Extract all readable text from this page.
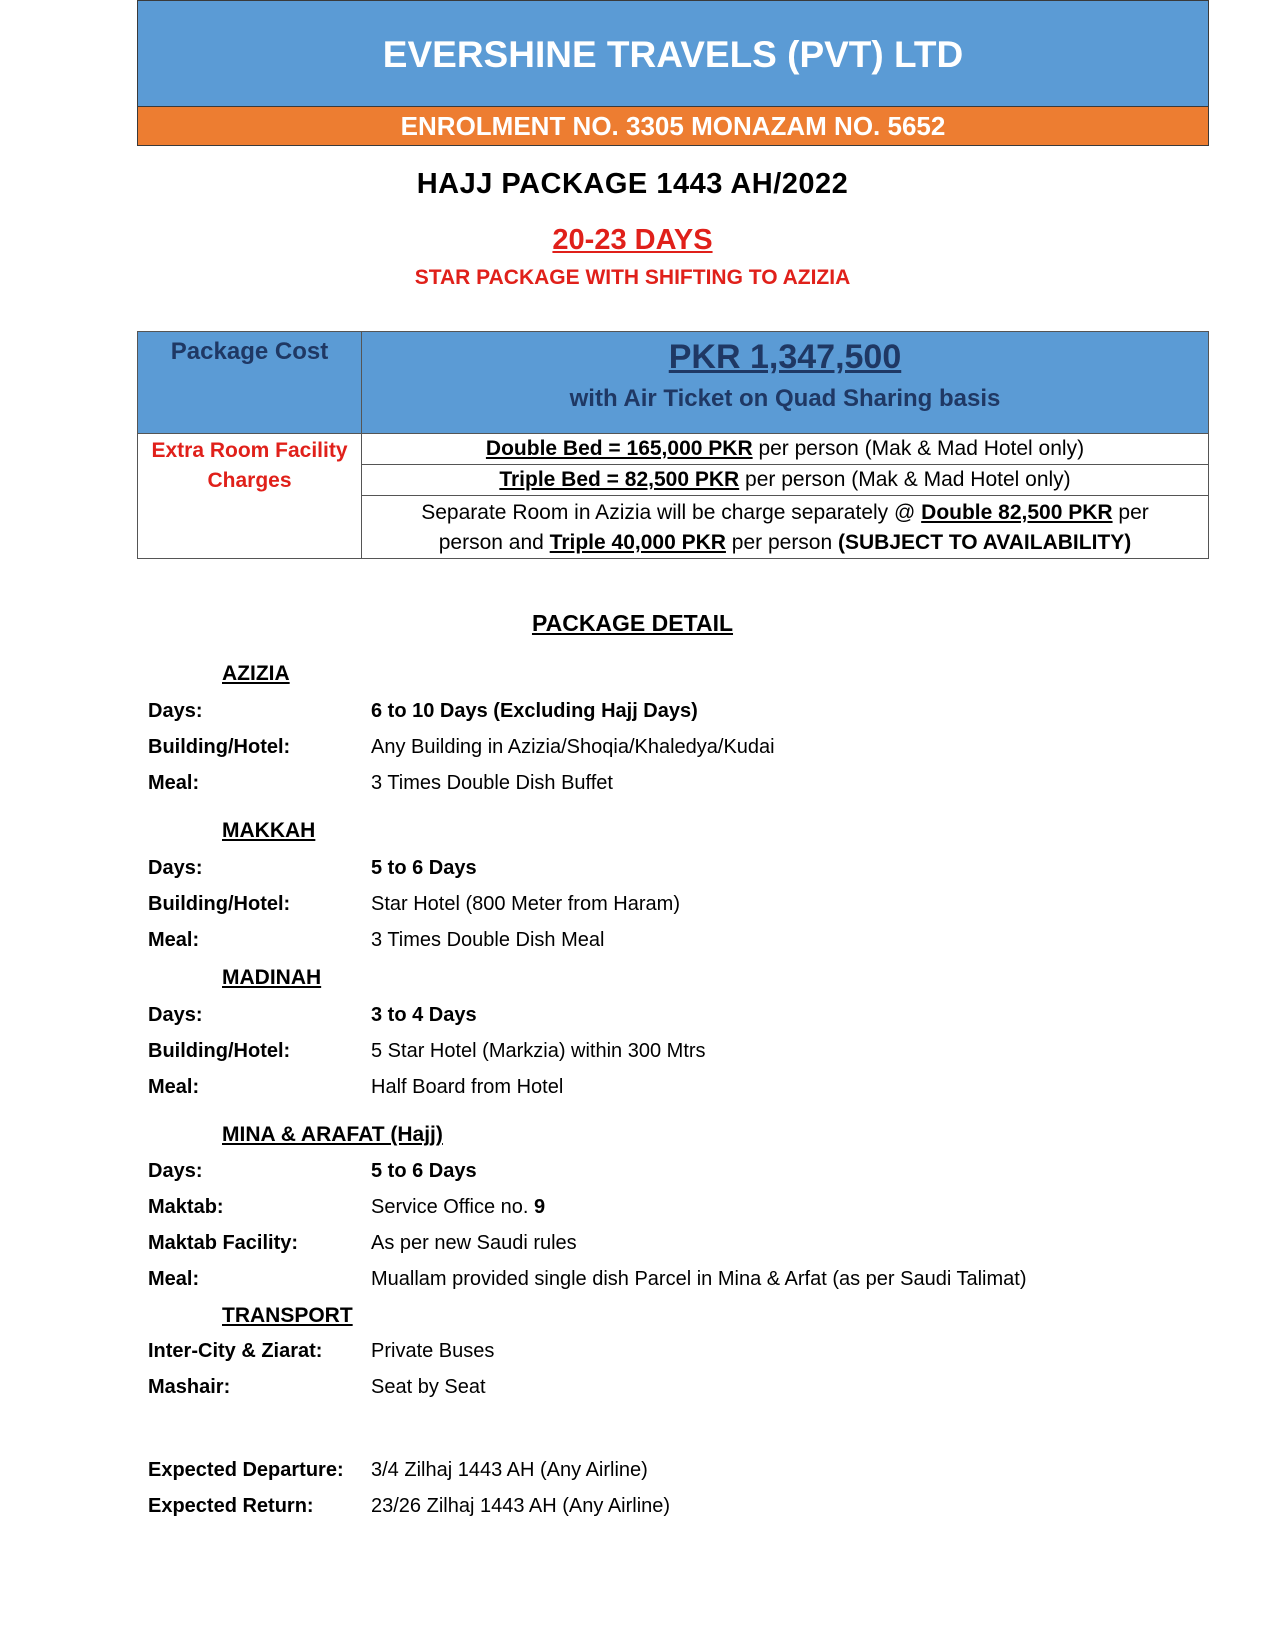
EVERSHINE TRAVELS (PVT) LTD
ENROLMENT NO. 3305 MONAZAM NO. 5652
HAJJ PACKAGE 1443 AH/2022
20-23 DAYS
STAR PACKAGE WITH SHIFTING TO AZIZIA
Package Cost	PKR 1,347,500
with Air Ticket on Quad Sharing basis

Extra Room Facility
Charges	Double Bed = 165,000 PKR per person (Mak & Mad Hotel only)
	Triple Bed = 82,500 PKR per person (Mak & Mad Hotel only)
	Separate Room in Azizia will be charge separately @ Double 82,500 PKR per
person and Triple 40,000 PKR per person (SUBJECT TO AVAILABILITY)
PACKAGE DETAIL
AZIZIA
Days:	6 to 10 Days (Excluding Hajj Days)
Building/Hotel:	Any Building in Azizia/Shoqia/Khaledya/Kudai
Meal:	3 Times Double Dish Buffet
MAKKAH
Days:	5 to 6 Days
Building/Hotel:	Star Hotel (800 Meter from Haram)
Meal:	3 Times Double Dish Meal
MADINAH
Days:	3 to 4 Days
Building/Hotel:	5 Star Hotel (Markzia) within 300 Mtrs
Meal:	Half Board from Hotel
MINA & ARAFAT (Hajj)
Days:	5 to 6 Days
Maktab:	Service Office no. 9
Maktab Facility:	As per new Saudi rules
Meal:	Muallam provided single dish Parcel in Mina & Arfat (as per Saudi Talimat)
TRANSPORT
Inter-City & Ziarat: Private Buses
Mashair:	Seat by Seat
Expected Departure: 3/4 Zilhaj 1443 AH (Any Airline)
Expected Return:	23/26 Zilhaj 1443 AH (Any Airline)
